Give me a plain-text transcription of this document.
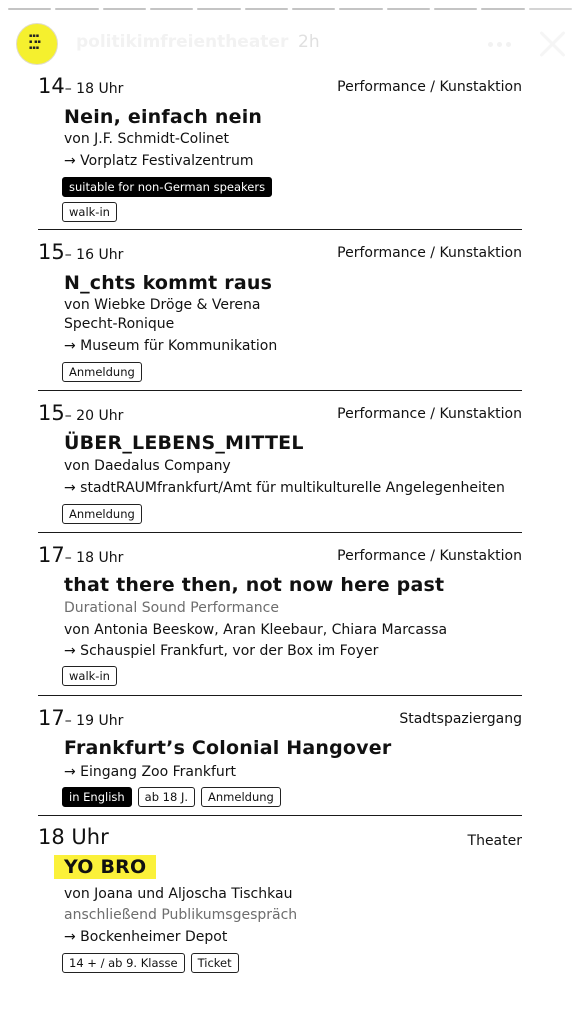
▪▪▪
▪ ▪▪
▪▪▪ politikimfreientheater 2h
14– 18 Uhr	Performance / Kunstaktion
Nein, einfach nein
von J.F. Schmidt-Colinet
→ Vorplatz Festivalzentrum
suitable for non-German speakers
walk-in
15– 16 Uhr	Performance / Kunstaktion
N_chts kommt raus
von Wiebke Dröge & Verena
Specht-Ronique
→ Museum für Kommunikation
Anmeldung
15– 20 Uhr	Performance / Kunstaktion
ÜBER_LEBENS_MITTEL
von Daedalus Company
→ stadtRAUMfrankfurt/Amt für multikulturelle Angelegenheiten
Anmeldung
17– 18 Uhr	Performance / Kunstaktion
that there then, not now here past
Durational Sound Performance
von Antonia Beeskow, Aran Kleebaur, Chiara Marcassa
→ Schauspiel Frankfurt, vor der Box im Foyer
walk-in
17– 19 Uhr	Stadtspaziergang
Frankfurt’s Colonial Hangover
→ Eingang Zoo Frankfurt
in English	ab 18 J.	Anmeldung
18 Uhr	Theater
YO BRO
von Joana und Aljoscha Tischkau
anschließend Publikumsgespräch
→ Bockenheimer Depot
14 + / ab 9. Klasse	Ticket
